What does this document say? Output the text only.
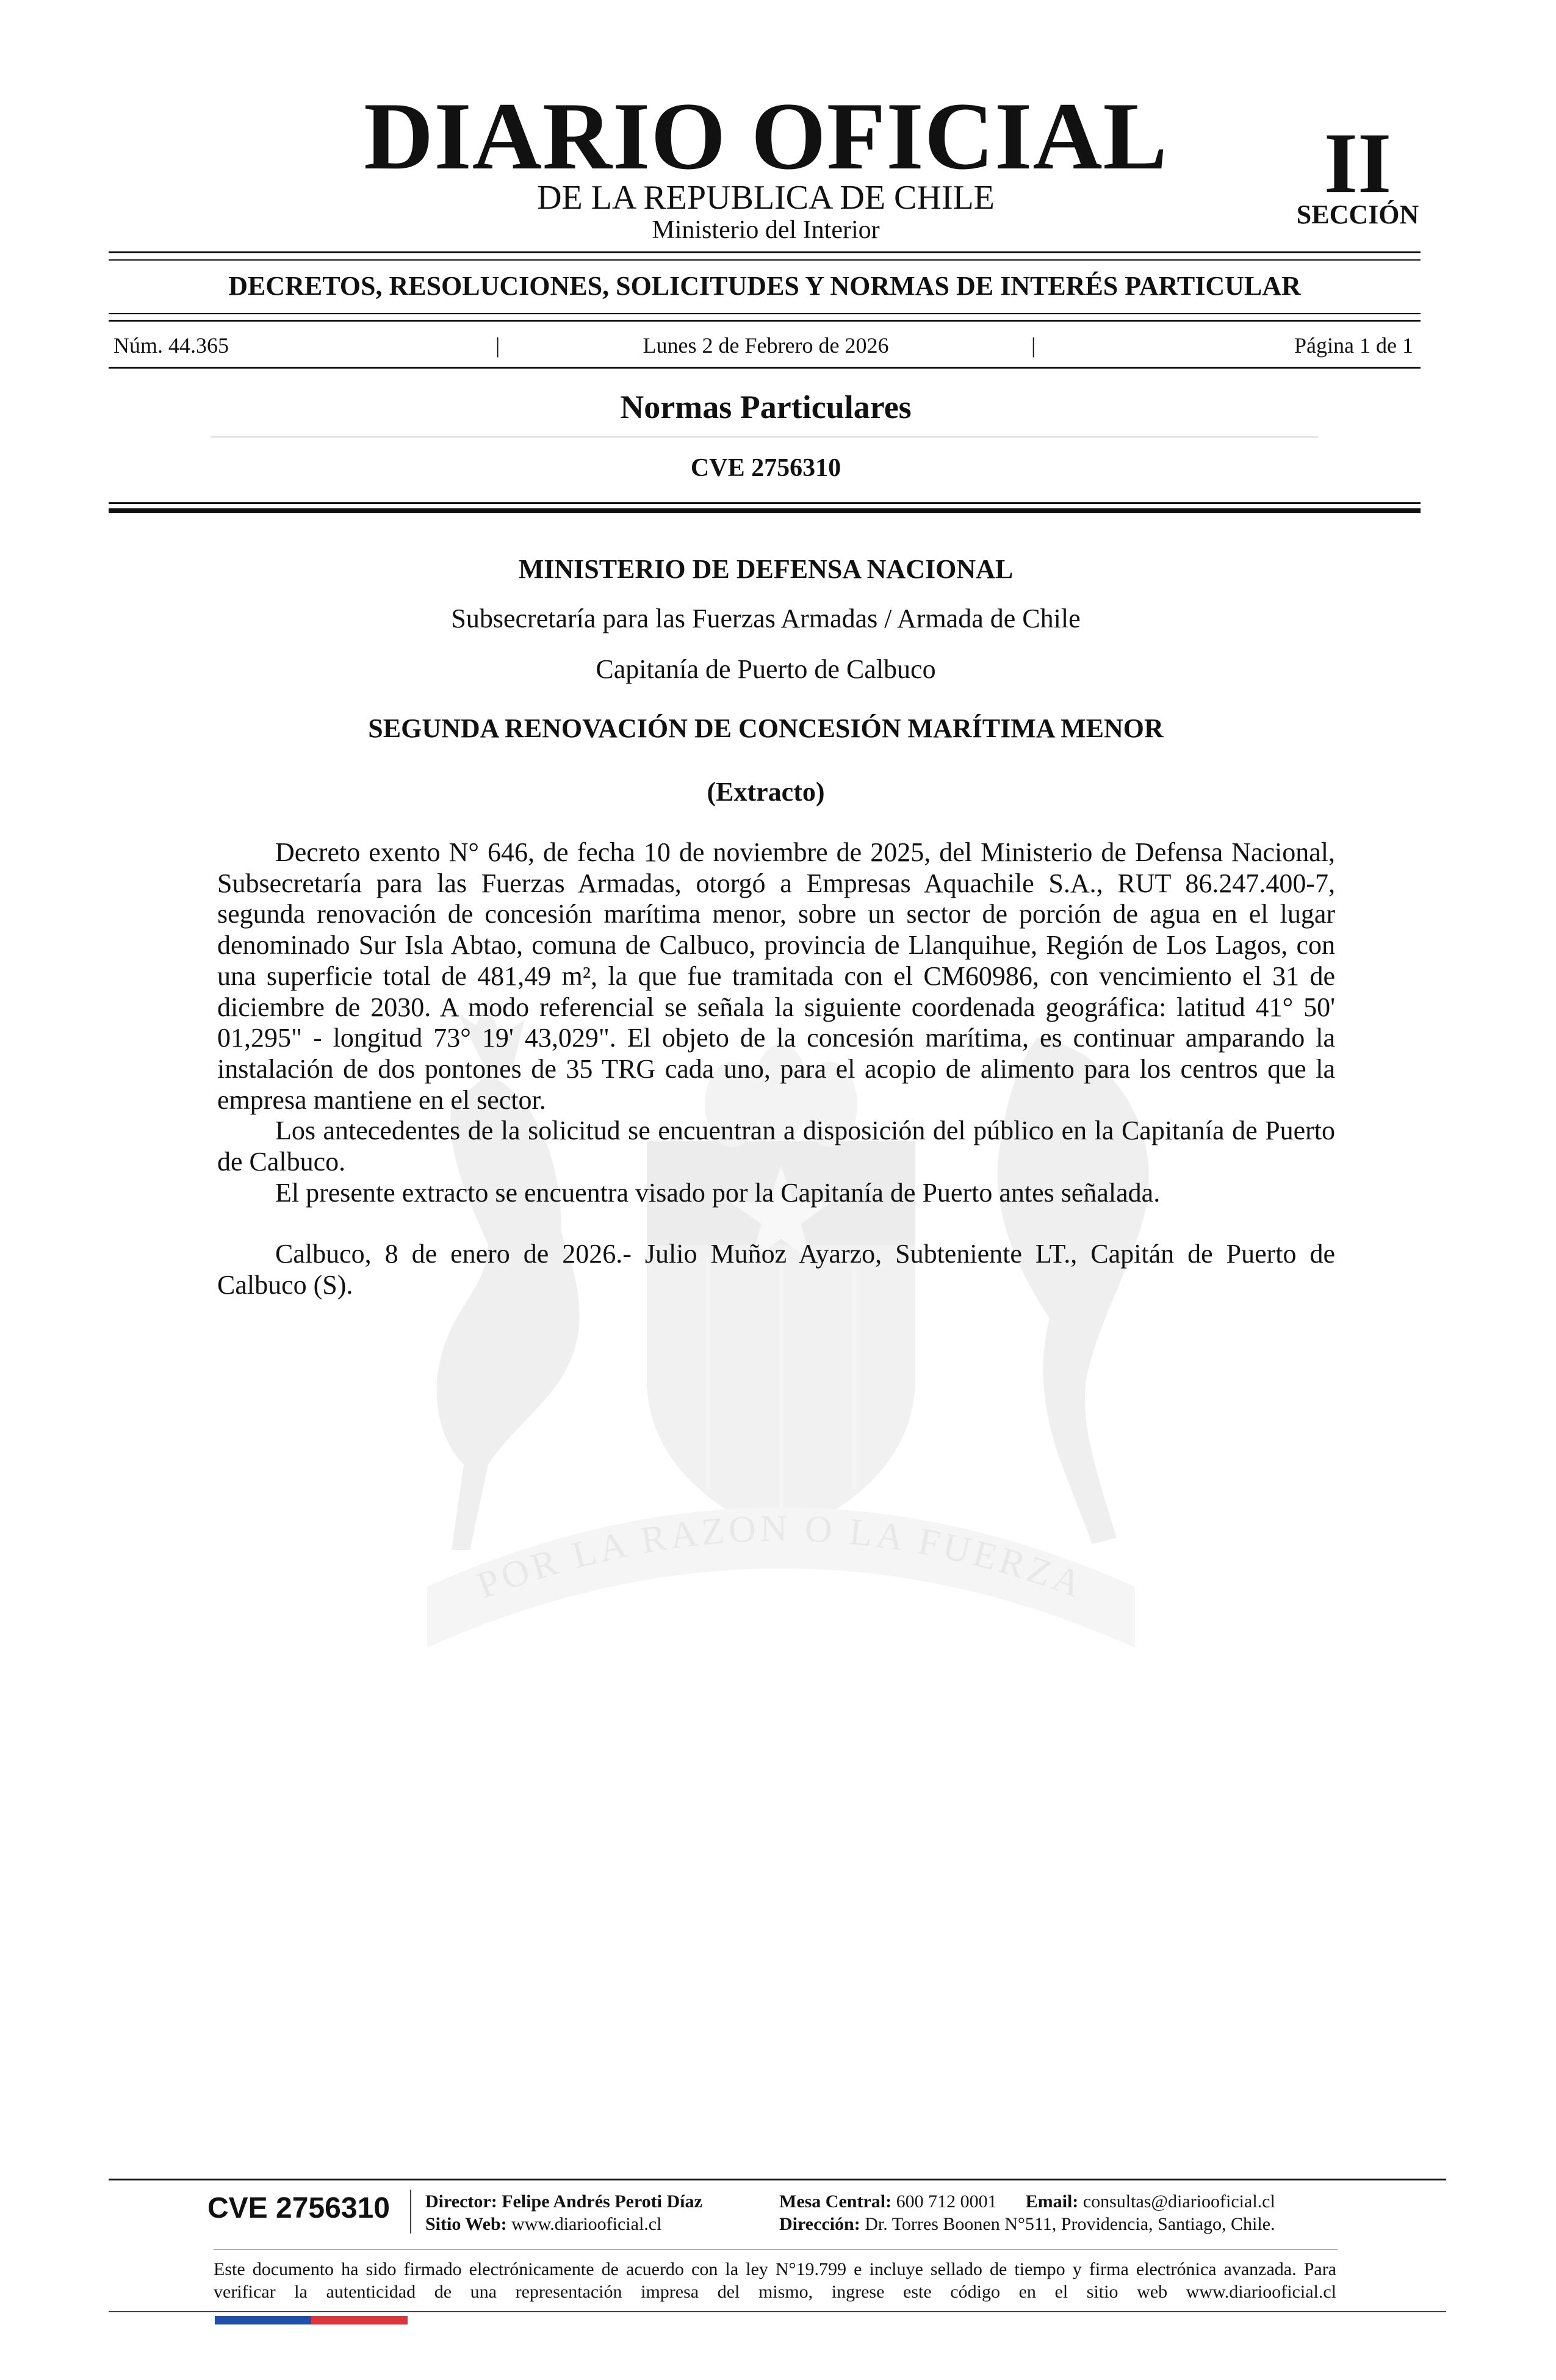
POR LA RAZON O LA FUERZA
DIARIO OFICIAL
DE LA REPUBLICA DE CHILE
Ministerio del Interior
II
SECCIÓN
DECRETOS, RESOLUCIONES, SOLICITUDES Y NORMAS DE INTERÉS PARTICULAR
Núm. 44.365	|	Lunes 2 de Febrero de 2026	|	Página 1 de 1
Normas Particulares
CVE 2756310
MINISTERIO DE DEFENSA NACIONAL
Subsecretaría para las Fuerzas Armadas / Armada de Chile
Capitanía de Puerto de Calbuco
SEGUNDA RENOVACIÓN DE CONCESIÓN MARÍTIMA MENOR
(Extracto)

Decreto exento N° 646, de fecha 10 de noviembre de 2025, del Ministerio de Defensa Nacional, Subsecretaría para las Fuerzas Armadas, otorgó a Empresas Aquachile S.A., RUT 86.247.400-7, segunda renovación de concesión marítima menor, sobre un sector de porción de agua en el lugar denominado Sur Isla Abtao, comuna de Calbuco, provincia de Llanquihue, Región de Los Lagos, con una superficie total de 481,49 m², la que fue tramitada con el CM60986, con vencimiento el 31 de diciembre de 2030. A modo referencial se señala la siguiente coordenada geográfica: latitud 41° 50' 01,295" - longitud 73° 19' 43,029". El objeto de la concesión marítima, es continuar amparando la instalación de dos pontones de 35 TRG cada uno, para el acopio de alimento para los centros que la empresa mantiene en el sector.

Los antecedentes de la solicitud se encuentran a disposición del público en la Capitanía de Puerto de Calbuco.

El presente extracto se encuentra visado por la Capitanía de Puerto antes señalada.

Calbuco, 8 de enero de 2026.- Julio Muñoz Ayarzo, Subteniente LT., Capitán de Puerto de Calbuco (S).

CVE 2756310 Director: Felipe Andrés Peroti Díaz
Sitio Web: www.diariooficial.cl
Mesa Central: 600 712 0001 Email: consultas@diariooficial.cl
Dirección: Dr. Torres Boonen N°511, Providencia, Santiago, Chile.
Este documento ha sido firmado electrónicamente de acuerdo con la ley N°19.799 e incluye sellado de tiempo y firma electrónica avanzada. Para verificar la autenticidad de una representación impresa del mismo, ingrese este código en el sitio web www.diariooficial.cl
